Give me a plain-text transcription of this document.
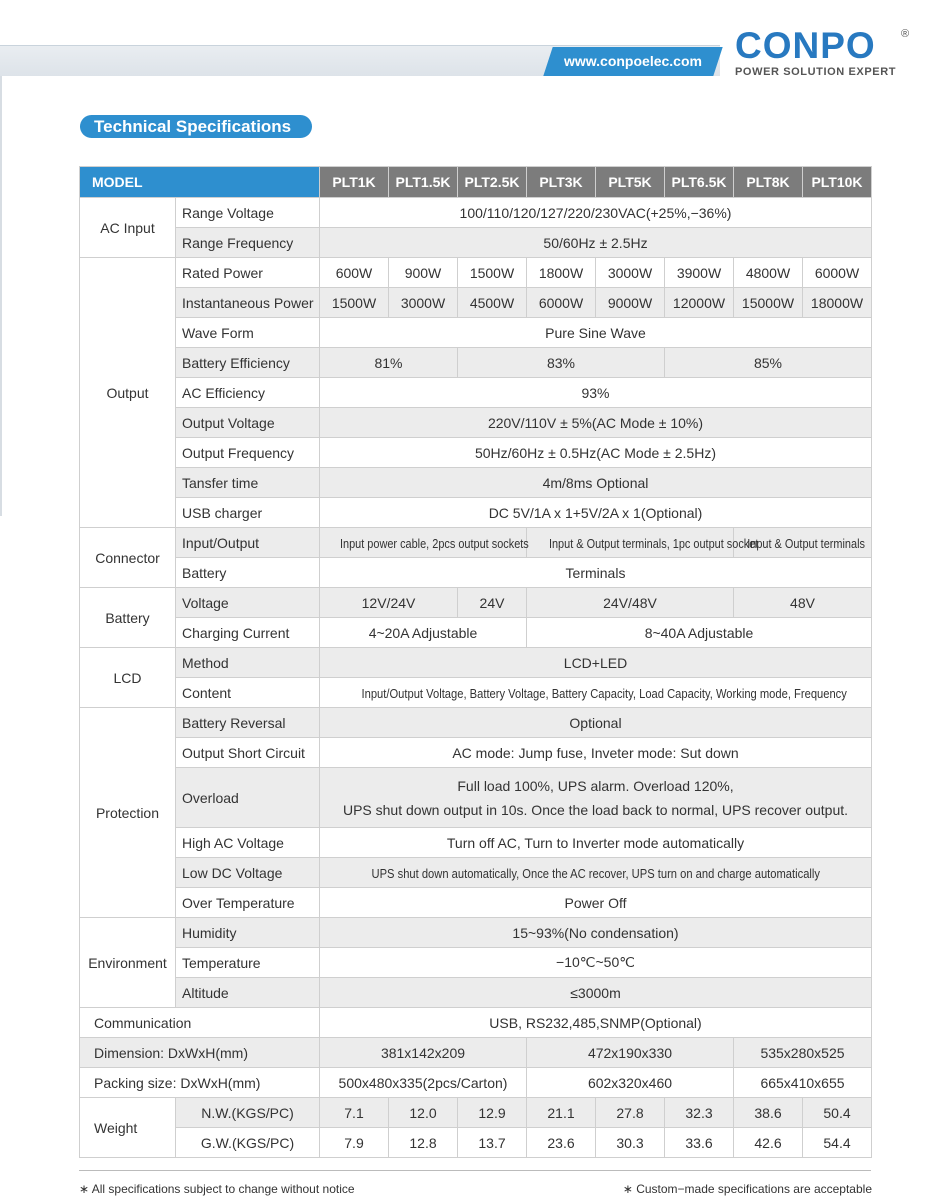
www.conpoelec.com CONPO	®
POWER SOLUTION EXPERT
Technical Specifications
MODEL		PLT1K	PLT1.5K	PLT2.5K	PLT3K	PLT5K	PLT6.5K	PLT8K	PLT10K
AC Input	Range Voltage	100/110/120/127/220/230VAC(+25%,−36%)							
	Range Frequency	50/60Hz ± 2.5Hz							
Output	Rated Power	600W	900W	1500W	1800W	3000W	3900W	4800W	6000W
	Instantaneous Power	1500W	3000W	4500W	6000W	9000W	12000W	15000W	18000W
	Wave Form	Pure Sine Wave							
	Battery Efficiency	81%		83%			85%		
	AC Efficiency	93%							
	Output Voltage	220V/110V ± 5%(AC Mode ± 10%)							
	Output Frequency	50Hz/60Hz ± 0.5Hz(AC Mode ± 2.5Hz)							
	Tansfer time	4m/8ms Optional							
	USB charger	DC 5V/1A x 1+5V/2A x 1(Optional)							
Connector	Input/Output	Input power cable, 2pcs output sockets			Input & Output terminals, 1pc output socket			Input & Output terminals	
	Battery	Terminals							
Battery	Voltage	12V/24V		24V	24V/48V			48V	
	Charging Current	4~20A Adjustable			8~40A Adjustable				
LCD	Method	LCD+LED							
	Content	Input/Output Voltage, Battery Voltage, Battery Capacity, Load Capacity, Working mode, Frequency							
Protection	Battery Reversal	Optional							
	Output Short Circuit	AC mode: Jump fuse, Inveter mode: Sut down							
	Overload	Full load 100%, UPS alarm. Overload 120%,
UPS shut down output in 10s. Once the load back to normal, UPS recover output.							

	High AC Voltage	Turn off AC, Turn to Inverter mode automatically							
	Low DC Voltage	UPS shut down automatically, Once the AC recover, UPS turn on and charge automatically							
	Over Temperature	Power Off							
Environment	Humidity	15~93%(No condensation)							
	Temperature	−10℃~50℃							
	Altitude	≤3000m							
Communication		USB, RS232,485,SNMP(Optional)							
Dimension: DxWxH(mm)		381x142x209			472x190x330			535x280x525	
Packing size: DxWxH(mm)		500x480x335(2pcs/Carton)			602x320x460			665x410x655	
Weight	N.W.(KGS/PC)	7.1	12.0	12.9	21.1	27.8	32.3	38.6	50.4
	G.W.(KGS/PC)	7.9	12.8	13.7	23.6	30.3	33.6	42.6	54.4
∗ All specifications subject to change without notice	∗ Custom−made specifications are acceptable
